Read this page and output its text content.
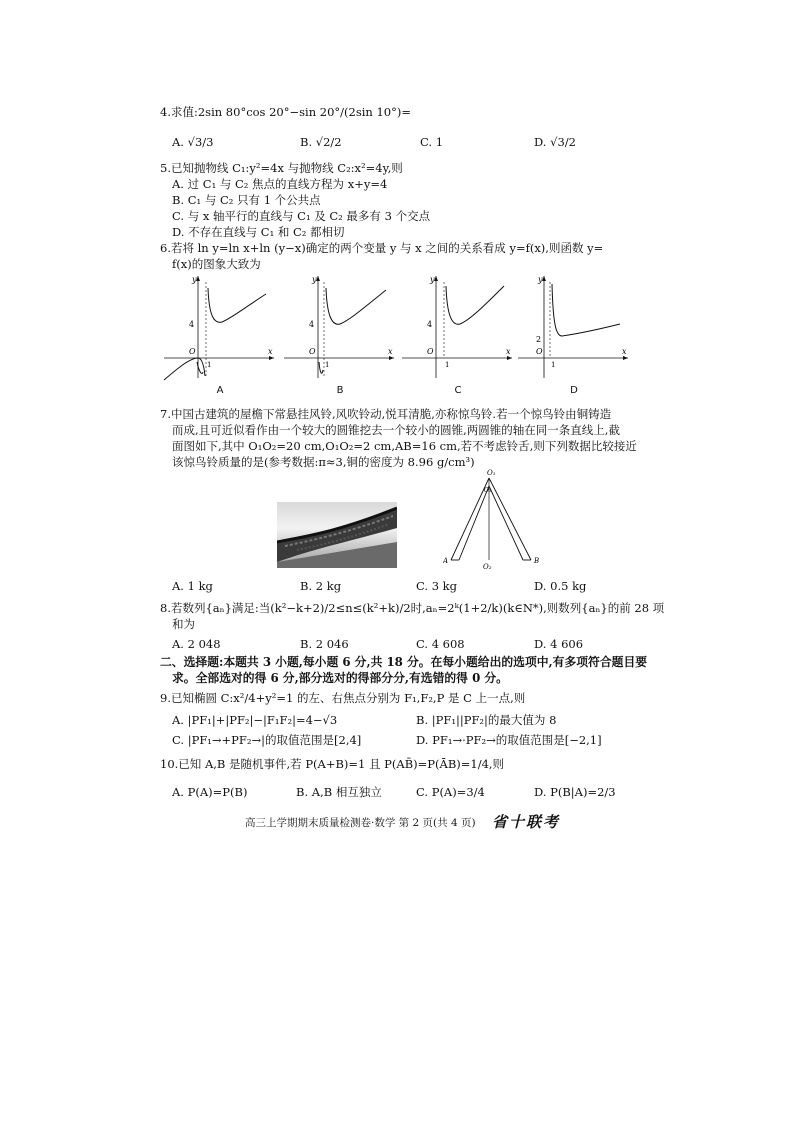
4.求值:2sin 80°cos 20°−sin 20°/(2sin 10°)=
A. √3/3	B. √2/2	C. 1	D. √3/2
5.已知抛物线 C₁:y²=4x 与抛物线 C₂:x²=4y,则
A. 过 C₁ 与 C₂ 焦点的直线方程为 x+y=4
B. C₁ 与 C₂ 只有 1 个公共点
C. 与 x 轴平行的直线与 C₁ 及 C₂ 最多有 3 个交点
D. 不存在直线与 C₁ 和 C₂ 都相切
6.若将 ln y=ln x+ln (y−x)确定的两个变量 y 与 x 之间的关系看成 y=f(x),则函数 y=
f(x)的图象大致为
y
x
4
O
1
A
y
x
4
O
1
B
y
x
4
O
1
C
y
x
2
O
1
D
7.中国古建筑的屋檐下常悬挂风铃,风吹铃动,悦耳清脆,亦称惊鸟铃.若一个惊鸟铃由铜铸造
而成,且可近似看作由一个较大的圆锥挖去一个较小的圆锥,两圆锥的轴在同一条直线上,截
面图如下,其中 O₁O₂=20 cm,O₁O₂=2 cm,AB=16 cm,若不考虑铃舌,则下列数据比较接近
该惊鸟铃质量的是(参考数据:π≈3,铜的密度为 8.96 g/cm³)
O₁
O₃
O₂
A	B
A. 1 kg	B. 2 kg	C. 3 kg	D. 0.5 kg
8.若数列{aₙ}满足:当(k²−k+2)/2≤n≤(k²+k)/2时,aₙ=2ᵏ(1+2/k)(k∈N*),则数列{aₙ}的前 28 项
和为
A. 2 048	B. 2 046	C. 4 608	D. 4 606
二、选择题:本题共 3 小题,每小题 6 分,共 18 分。在每小题给出的选项中,有多项符合题目要
求。全部选对的得 6 分,部分选对的得部分分,有选错的得 0 分。
9.已知椭圆 C:x²/4+y²=1 的左、右焦点分别为 F₁,F₂,P 是 C 上一点,则
A. |PF₁|+|PF₂|−|F₁F₂|=4−√3	B. |PF₁||PF₂|的最大值为 8
C. |PF₁→+PF₂→|的取值范围是[2,4]	D. PF₁→·PF₂→的取值范围是[−2,1]
10.已知 A,B 是随机事件,若 P(A+B)=1 且 P(AB̄)=P(ĀB)=1/4,则
A. P(A)=P(B)	B. A,B 相互独立	C. P(A)=3/4	D. P(B|A)=2/3
高三上学期期末质量检测卷·数学 第 2 页(共 4 页) 省十联考
